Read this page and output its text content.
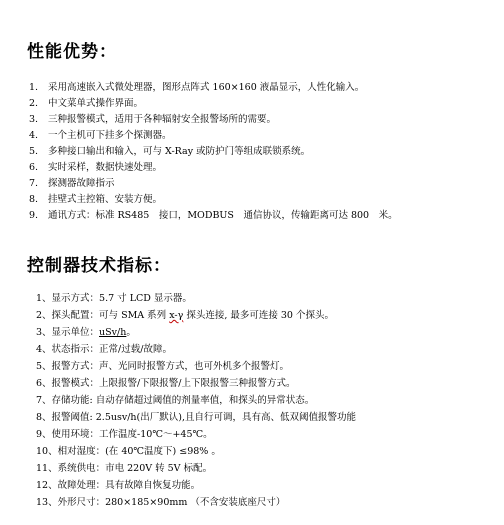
性能优势：
1. 采用高速嵌入式微处理器，图形点阵式 160×160 液晶显示，人性化输入。
2. 中文菜单式操作界面。
3. 三种报警模式，适用于各种辐射安全报警场所的需要。
4. 一个主机可下挂多个探测器。
5. 多种接口输出和输入，可与 X-Ray 或防护门等组成联锁系统。
6. 实时采样，数据快速处理。
7. 探测器故障指示
8. 挂壁式主控箱、安装方便。
9. 通讯方式：标准 RS485　接口，MODBUS　通信协议，传输距离可达 800　米。
控制器技术指标：
1、显示方式：5.7 寸 LCD 显示器。
2、探头配置：可与 SMA 系列 x-γ 探头连接, 最多可连接 30 个探头。
3、显示单位：uSv/h。
4、状态指示：正常/过载/故障。
5、报警方式：声、光同时报警方式，也可外机多个报警灯。
6、报警模式：上限报警/下限报警/上下限报警三种报警方式。
7、存储功能: 自动存储超过阈值的剂量率值，和探头的异常状态。
8、报警阈值: 2.5usv/h(出厂默认),且自行可调，具有高、低双阈值报警功能
9、使用环境：工作温度-10℃～+45℃。
10、相对湿度：(在 40℃温度下) ≤98% 。
11、系统供电：市电 220V 转 5V 标配。
12、故障处理：具有故障自恢复功能。
13、外形尺寸：280×185×90mm （不含安装底座尺寸）
